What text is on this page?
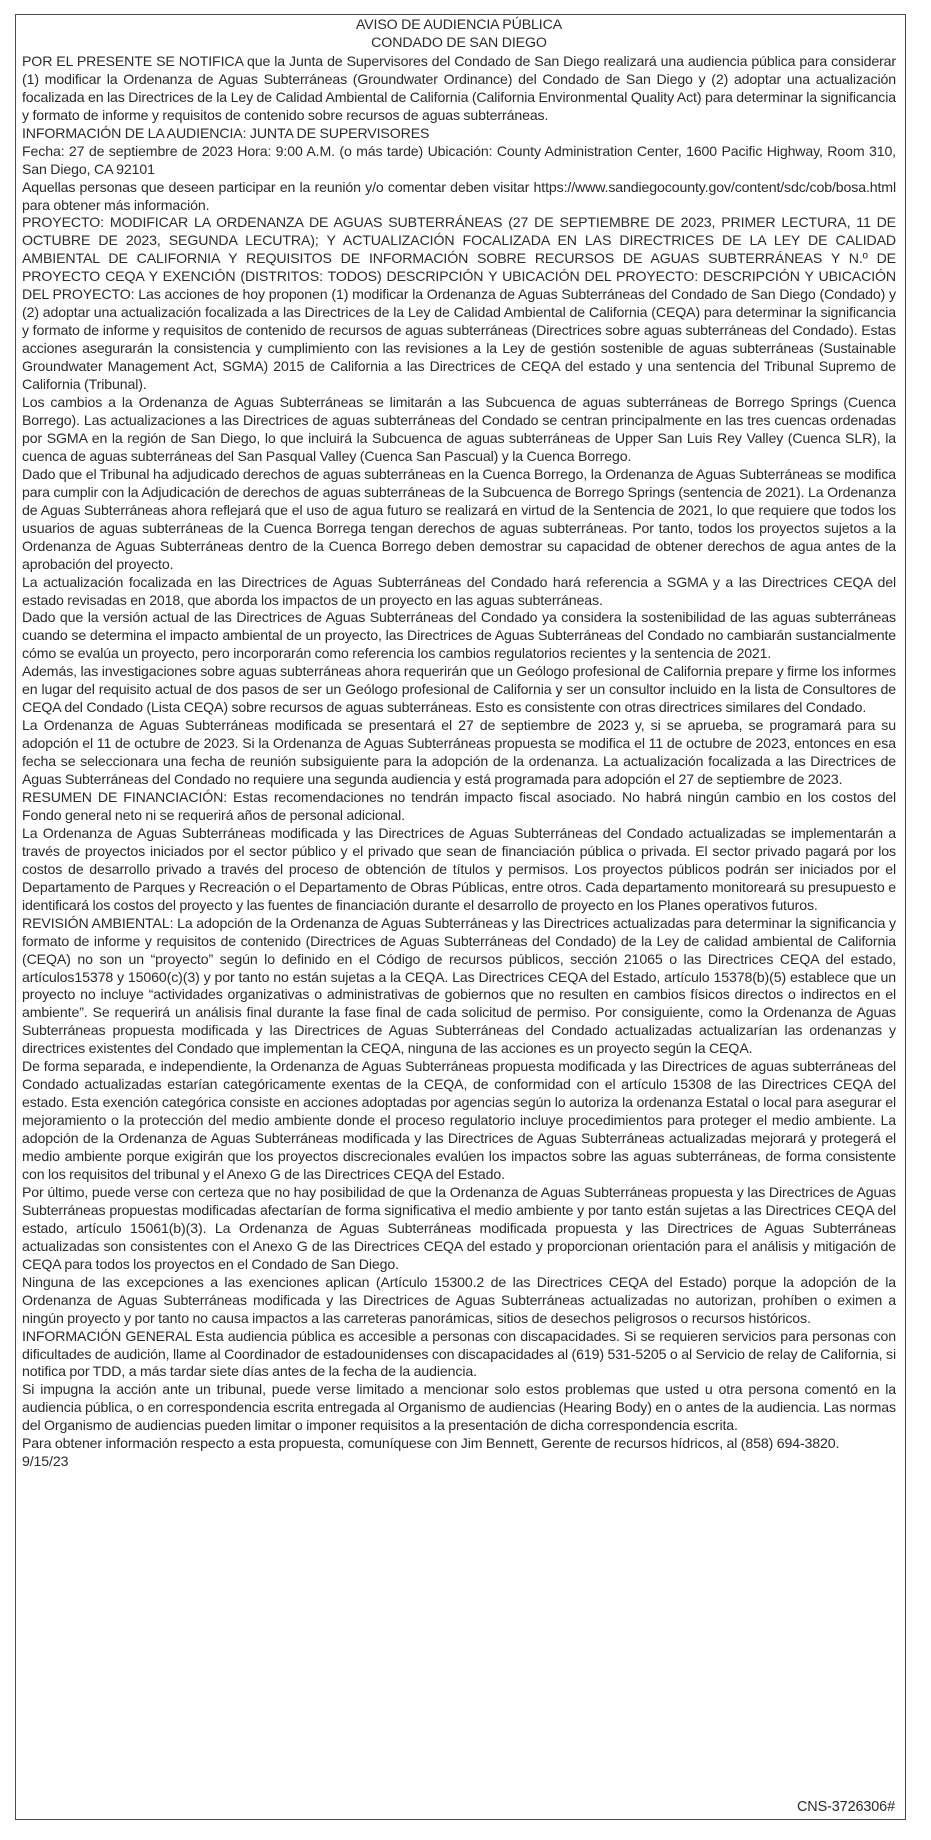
AVISO DE AUDIENCIA PÚBLICA

CONDADO DE SAN DIEGO

POR EL PRESENTE SE NOTIFICA que la Junta de Supervisores del Condado de San Diego realizará una audiencia pública para considerar (1) modificar la Ordenanza de Aguas Subterráneas (Groundwater Ordinance) del Condado de San Diego y (2) adoptar una actualización focalizada en las Directrices de la Ley de Calidad Ambiental de California (California Environmental Quality Act) para determinar la significancia y formato de informe y requisitos de contenido sobre recursos de aguas subterráneas.

INFORMACIÓN DE LA AUDIENCIA: JUNTA DE SUPERVISORES

Fecha: 27 de septiembre de 2023 Hora: 9:00 A.M. (o más tarde) Ubicación: County Administration Center, 1600 Pacific Highway, Room 310, San Diego, CA 92101

Aquellas personas que deseen participar en la reunión y/o comentar deben visitar https://www.sandiegocounty.gov/content/sdc/cob/bosa.html para obtener más información.

PROYECTO: MODIFICAR LA ORDENANZA DE AGUAS SUBTERRÁNEAS (27 DE SEPTIEMBRE DE 2023, PRIMER LECTURA, 11 DE OCTUBRE DE 2023, SEGUNDA LECUTRA); Y ACTUALIZACIÓN FOCALIZADA EN LAS DIRECTRICES DE LA LEY DE CALIDAD AMBIENTAL DE CALIFORNIA Y REQUISITOS DE INFORMACIÓN SOBRE RECURSOS DE AGUAS SUBTERRÁNEAS Y N.º DE PROYECTO CEQA Y EXENCIÓN (DISTRITOS: TODOS) DESCRIPCIÓN Y UBICACIÓN DEL PROYECTO: DESCRIPCIÓN Y UBICACIÓN DEL PROYECTO: Las acciones de hoy proponen (1) modificar la Ordenanza de Aguas Subterráneas del Condado de San Diego (Condado) y (2) adoptar una actualización focalizada a las Directrices de la Ley de Calidad Ambiental de California (CEQA) para determinar la significancia y formato de informe y requisitos de contenido de recursos de aguas subterráneas (Directrices sobre aguas subterráneas del Condado). Estas acciones asegurarán la consistencia y cumplimiento con las revisiones a la Ley de gestión sostenible de aguas subterráneas (Sustainable Groundwater Management Act, SGMA) 2015 de California a las Directrices de CEQA del estado y una sentencia del Tribunal Supremo de California (Tribunal).

Los cambios a la Ordenanza de Aguas Subterráneas se limitarán a las Subcuenca de aguas subterráneas de Borrego Springs (Cuenca Borrego). Las actualizaciones a las Directrices de aguas subterráneas del Condado se centran principalmente en las tres cuencas ordenadas por SGMA en la región de San Diego, lo que incluirá la Subcuenca de aguas subterráneas de Upper San Luis Rey Valley (Cuenca SLR), la cuenca de aguas subterráneas del San Pasqual Valley (Cuenca San Pascual) y la Cuenca Borrego.

Dado que el Tribunal ha adjudicado derechos de aguas subterráneas en la Cuenca Borrego, la Ordenanza de Aguas Subterráneas se modifica para cumplir con la Adjudicación de derechos de aguas subterráneas de la Subcuenca de Borrego Springs (sentencia de 2021). La Ordenanza de Aguas Subterráneas ahora reflejará que el uso de agua futuro se realizará en virtud de la Sentencia de 2021, lo que requiere que todos los usuarios de aguas subterráneas de la Cuenca Borrega tengan derechos de aguas subterráneas. Por tanto, todos los proyectos sujetos a la Ordenanza de Aguas Subterráneas dentro de la Cuenca Borrego deben demostrar su capacidad de obtener derechos de agua antes de la aprobación del proyecto.

La actualización focalizada en las Directrices de Aguas Subterráneas del Condado hará referencia a SGMA y a las Directrices CEQA del estado revisadas en 2018, que aborda los impactos de un proyecto en las aguas subterráneas.

Dado que la versión actual de las Directrices de Aguas Subterráneas del Condado ya considera la sostenibilidad de las aguas subterráneas cuando se determina el impacto ambiental de un proyecto, las Directrices de Aguas Subterráneas del Condado no cambiarán sustancialmente cómo se evalúa un proyecto, pero incorporarán como referencia los cambios regulatorios recientes y la sentencia de 2021.

Además, las investigaciones sobre aguas subterráneas ahora requerirán que un Geólogo profesional de California prepare y firme los informes en lugar del requisito actual de dos pasos de ser un Geólogo profesional de California y ser un consultor incluido en la lista de Consultores de CEQA del Condado (Lista CEQA) sobre recursos de aguas subterráneas. Esto es consistente con otras directrices similares del Condado.

La Ordenanza de Aguas Subterráneas modificada se presentará el 27 de septiembre de 2023 y, si se aprueba, se programará para su adopción el 11 de octubre de 2023. Si la Ordenanza de Aguas Subterráneas propuesta se modifica el 11 de octubre de 2023, entonces en esa fecha se seleccionara una fecha de reunión subsiguiente para la adopción de la ordenanza. La actualización focalizada a las Directrices de Aguas Subterráneas del Condado no requiere una segunda audiencia y está programada para adopción el 27 de septiembre de 2023.

RESUMEN DE FINANCIACIÓN: Estas recomendaciones no tendrán impacto fiscal asociado. No habrá ningún cambio en los costos del Fondo general neto ni se requerirá años de personal adicional.

La Ordenanza de Aguas Subterráneas modificada y las Directrices de Aguas Subterráneas del Condado actualizadas se implementarán a través de proyectos iniciados por el sector público y el privado que sean de financiación pública o privada. El sector privado pagará por los costos de desarrollo privado a través del proceso de obtención de títulos y permisos. Los proyectos públicos podrán ser iniciados por el Departamento de Parques y Recreación o el Departamento de Obras Públicas, entre otros. Cada departamento monitoreará su presupuesto e identificará los costos del proyecto y las fuentes de financiación durante el desarrollo de proyecto en los Planes operativos futuros.

REVISIÓN AMBIENTAL: La adopción de la Ordenanza de Aguas Subterráneas y las Directrices actualizadas para determinar la significancia y formato de informe y requisitos de contenido (Directrices de Aguas Subterráneas del Condado) de la Ley de calidad ambiental de California (CEQA) no son un “proyecto” según lo definido en el Código de recursos públicos, sección 21065 o las Directrices CEQA del estado, artículos15378 y 15060(c)(3) y por tanto no están sujetas a la CEQA. Las Directrices CEQA del Estado, artículo 15378(b)(5) establece que un proyecto no incluye “actividades organizativas o administrativas de gobiernos que no resulten en cambios físicos directos o indirectos en el ambiente”. Se requerirá un análisis final durante la fase final de cada solicitud de permiso. Por consiguiente, como la Ordenanza de Aguas Subterráneas propuesta modificada y las Directrices de Aguas Subterráneas del Condado actualizadas actualizarían las ordenanzas y directrices existentes del Condado que implementan la CEQA, ninguna de las acciones es un proyecto según la CEQA.

De forma separada, e independiente, la Ordenanza de Aguas Subterráneas propuesta modificada y las Directrices de aguas subterráneas del Condado actualizadas estarían categóricamente exentas de la CEQA, de conformidad con el artículo 15308 de las Directrices CEQA del estado. Esta exención categórica consiste en acciones adoptadas por agencias según lo autoriza la ordenanza Estatal o local para asegurar el mejoramiento o la protección del medio ambiente donde el proceso regulatorio incluye procedimientos para proteger el medio ambiente. La adopción de la Ordenanza de Aguas Subterráneas modificada y las Directrices de Aguas Subterráneas actualizadas mejorará y protegerá el medio ambiente porque exigirán que los proyectos discrecionales evalúen los impactos sobre las aguas subterráneas, de forma consistente con los requisitos del tribunal y el Anexo G de las Directrices CEQA del Estado.

Por último, puede verse con certeza que no hay posibilidad de que la Ordenanza de Aguas Subterráneas propuesta y las Directrices de Aguas Subterráneas propuestas modificadas afectarían de forma significativa el medio ambiente y por tanto están sujetas a las Directrices CEQA del estado, artículo 15061(b)(3). La Ordenanza de Aguas Subterráneas modificada propuesta y las Directrices de Aguas Subterráneas actualizadas son consistentes con el Anexo G de las Directrices CEQA del estado y proporcionan orientación para el análisis y mitigación de CEQA para todos los proyectos en el Condado de San Diego.

Ninguna de las excepciones a las exenciones aplican (Artículo 15300.2 de las Directrices CEQA del Estado) porque la adopción de la Ordenanza de Aguas Subterráneas modificada y las Directrices de Aguas Subterráneas actualizadas no autorizan, prohíben o eximen a ningún proyecto y por tanto no causa impactos a las carreteras panorámicas, sitios de desechos peligrosos o recursos históricos.

INFORMACIÓN GENERAL Esta audiencia pública es accesible a personas con discapacidades. Si se requieren servicios para personas con dificultades de audición, llame al Coordinador de estadounidenses con discapacidades al (619) 531-5205 o al Servicio de relay de California, si notifica por TDD, a más tardar siete días antes de la fecha de la audiencia.

Si impugna la acción ante un tribunal, puede verse limitado a mencionar solo estos problemas que usted u otra persona comentó en la audiencia pública, o en correspondencia escrita entregada al Organismo de audiencias (Hearing Body) en o antes de la audiencia. Las normas del Organismo de audiencias pueden limitar o imponer requisitos a la presentación de dicha correspondencia escrita.

Para obtener información respecto a esta propuesta, comuníquese con Jim Bennett, Gerente de recursos hídricos, al (858) 694-3820.

9/15/23

CNS-3726306#
